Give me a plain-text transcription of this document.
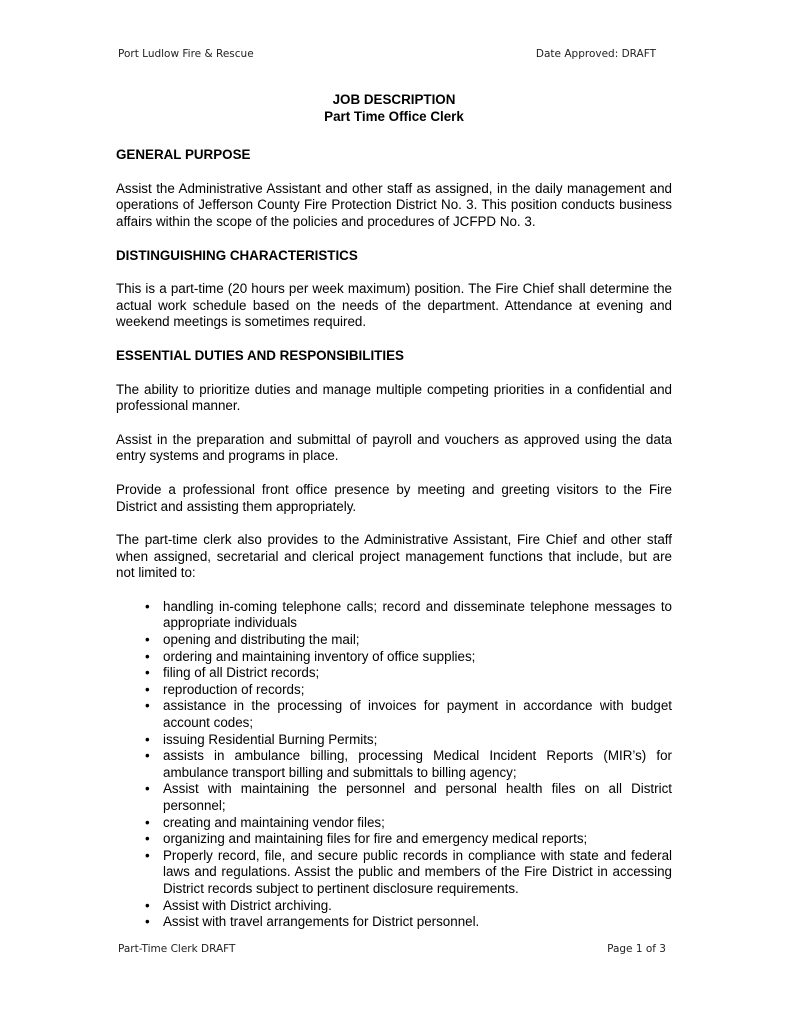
Port Ludlow Fire & Rescue	Date Approved: DRAFT
JOB DESCRIPTION
Part Time Office Clerk
GENERAL PURPOSE

Assist the Administrative Assistant and other staff as assigned, in the daily management and operations of Jefferson County Fire Protection District No. 3. This position conducts business affairs within the scope of the policies and procedures of JCFPD No. 3.

DISTINGUISHING CHARACTERISTICS

This is a part-time (20 hours per week maximum) position. The Fire Chief shall determine the actual work schedule based on the needs of the department. Attendance at evening and weekend meetings is sometimes required.

ESSENTIAL DUTIES AND RESPONSIBILITIES

The ability to prioritize duties and manage multiple competing priorities in a confidential and professional manner.

Assist in the preparation and submittal of payroll and vouchers as approved using the data entry systems and programs in place.

Provide a professional front office presence by meeting and greeting visitors to the Fire District and assisting them appropriately.

The part-time clerk also provides to the Administrative Assistant, Fire Chief and other staff when assigned, secretarial and clerical project management functions that include, but are not limited to:

• handling in-coming telephone calls; record and disseminate telephone messages to appropriate individuals
• opening and distributing the mail;
• ordering and maintaining inventory of office supplies;
• filing of all District records;
• reproduction of records;
• assistance in the processing of invoices for payment in accordance with budget account codes;
• issuing Residential Burning Permits;
• assists in ambulance billing, processing Medical Incident Reports (MIR’s) for ambulance transport billing and submittals to billing agency;
• Assist with maintaining the personnel and personal health files on all District personnel;
• creating and maintaining vendor files;
• organizing and maintaining files for fire and emergency medical reports;
• Properly record, file, and secure public records in compliance with state and federal laws and regulations. Assist the public and members of the Fire District in accessing District records subject to pertinent disclosure requirements.
• Assist with District archiving.
• Assist with travel arrangements for District personnel.
Part-Time Clerk DRAFT	Page 1 of 3
